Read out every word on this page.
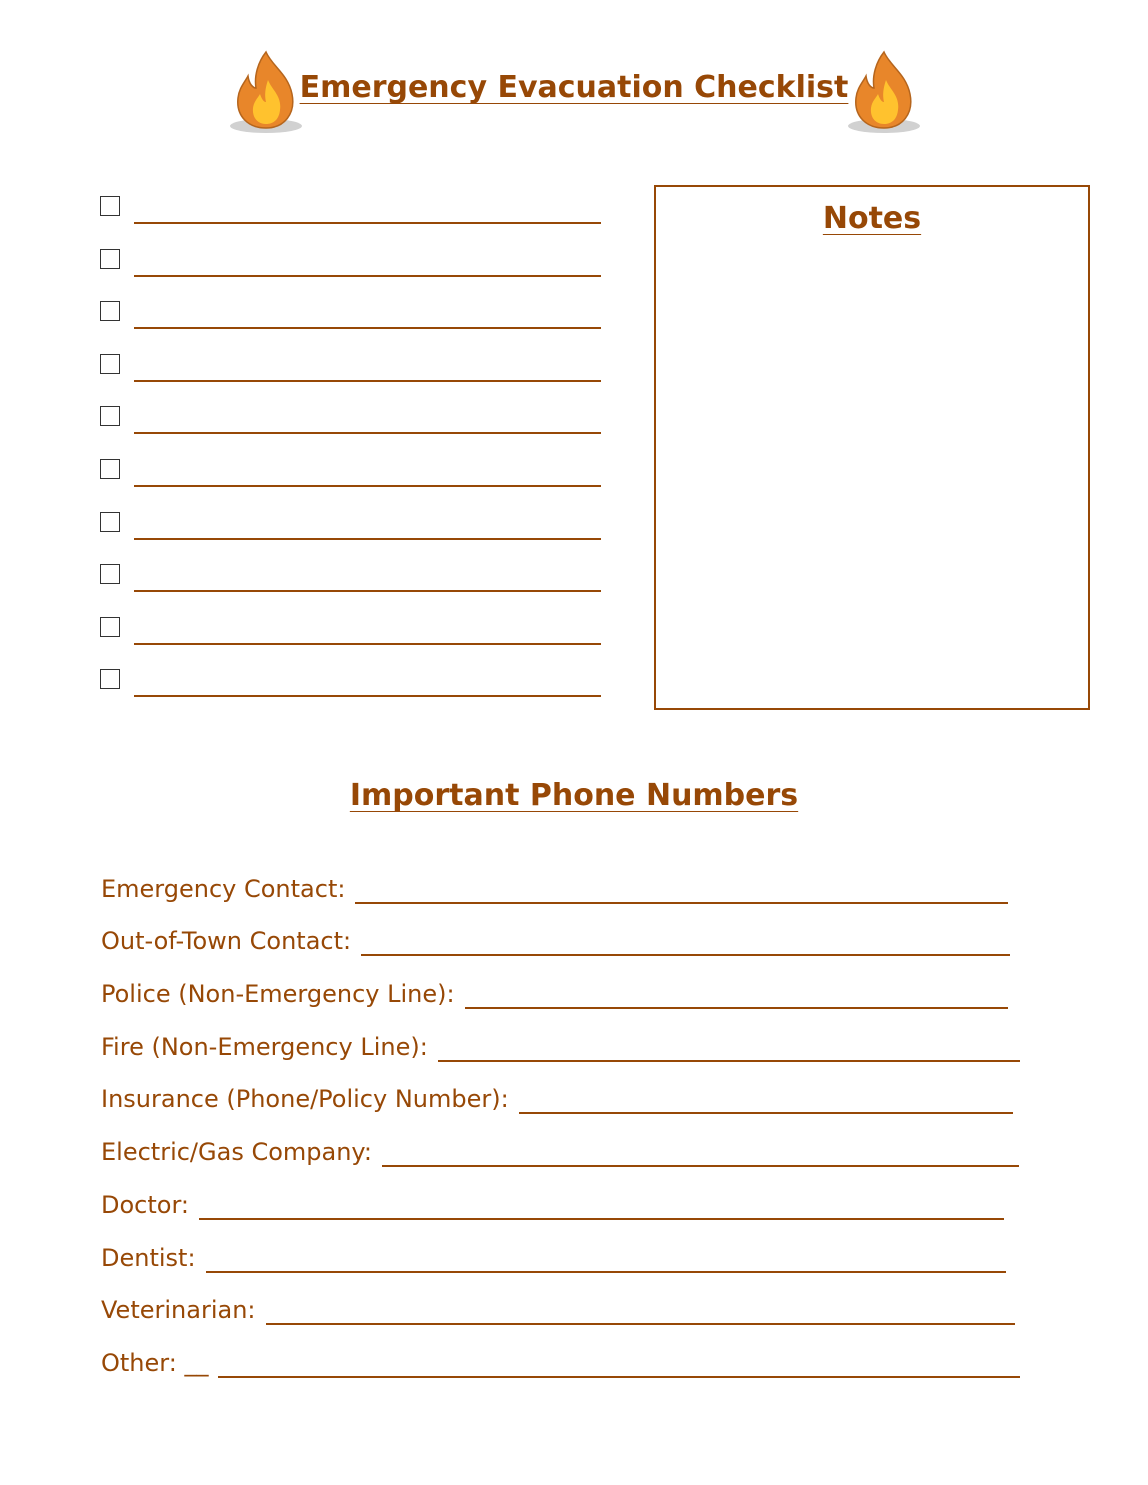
Emergency Evacuation Checklist
Notes
Important Phone Numbers
Emergency Contact:
Out-of-Town Contact:
Police (Non-Emergency Line):
Fire (Non-Emergency Line):
Insurance (Phone/Policy Number):
Electric/Gas Company:
Doctor:
Dentist:
Veterinarian:
Other: __
